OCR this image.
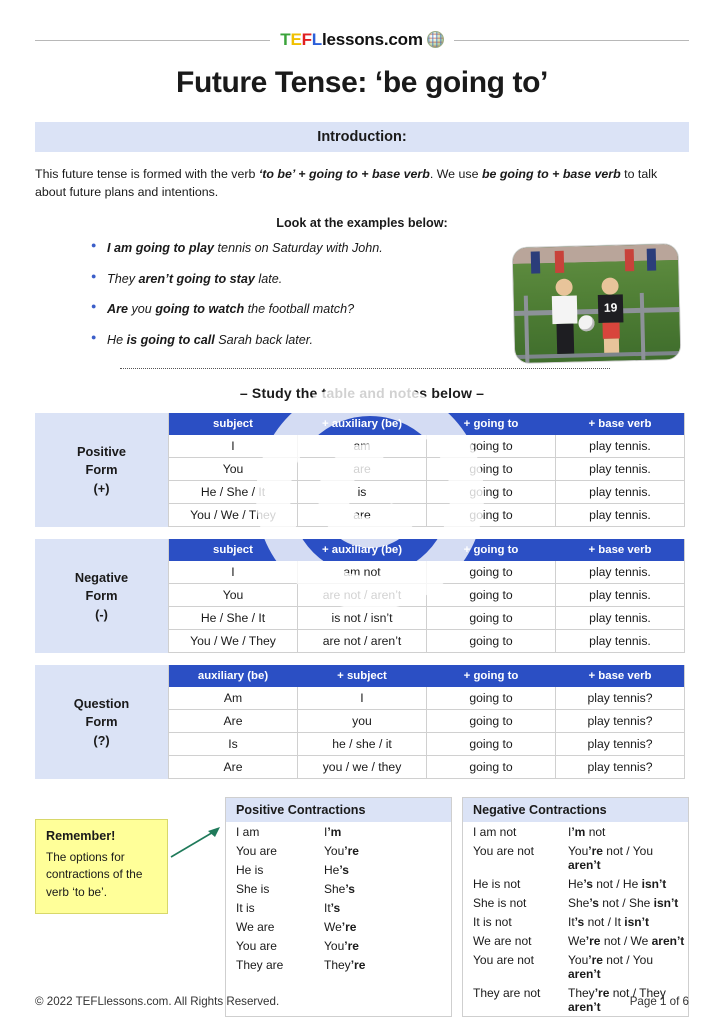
TEFLlessons.com
Future Tense: ‘be going to’
Introduction:

This future tense is formed with the verb ‘to be’ + going to + base verb. We use be going to + base verb to talk about future plans and intentions.

Look at the examples below:
● I am going to play tennis on Saturday with John.
● They aren’t going to stay late.
● Are you going to watch the football match?
● He is going to call Sarah back later.
19
– Study the table and notes below –
Positive
Form
(+)
subject	+ auxiliary (be)	+ going to	+ base verb
I	am	going to	play tennis.
You	are	going to	play tennis.
He / She / It	is	going to	play tennis.
You / We / They	are	going to	play tennis.
Negative
Form
(-)
subject	+ auxiliary (be)	+ going to	+ base verb
I	am not	going to	play tennis.
You	are not / aren’t	going to	play tennis.
He / She / It	is not / isn’t	going to	play tennis.
You / We / They	are not / aren’t	going to	play tennis.
Question
Form
(?)
auxiliary (be)	+ subject	+ going to	+ base verb
Am	I	going to	play tennis?
Are	you	going to	play tennis?
Is	he / she / it	going to	play tennis?
Are	you / we / they	going to	play tennis?
Remember!
The options for contractions of the verb ‘to be’.
Positive Contractions
I am	I’m
You are	You’re
He is	He’s
She is	She’s
It is	It’s
We are	We’re
You are	You’re
They are	They’re
Negative Contractions
I am not	I’m not
You are not	You’re not / You aren’t
He is not	He’s not / He isn’t
She is not	She’s not / She isn’t
It is not	It’s not / It isn’t
We are not	We’re not / We aren’t
You are not	You’re not / You aren’t
They are not	They’re not / They aren’t
© 2022 TEFLlessons.com. All Rights Reserved.	Page 1 of 6
